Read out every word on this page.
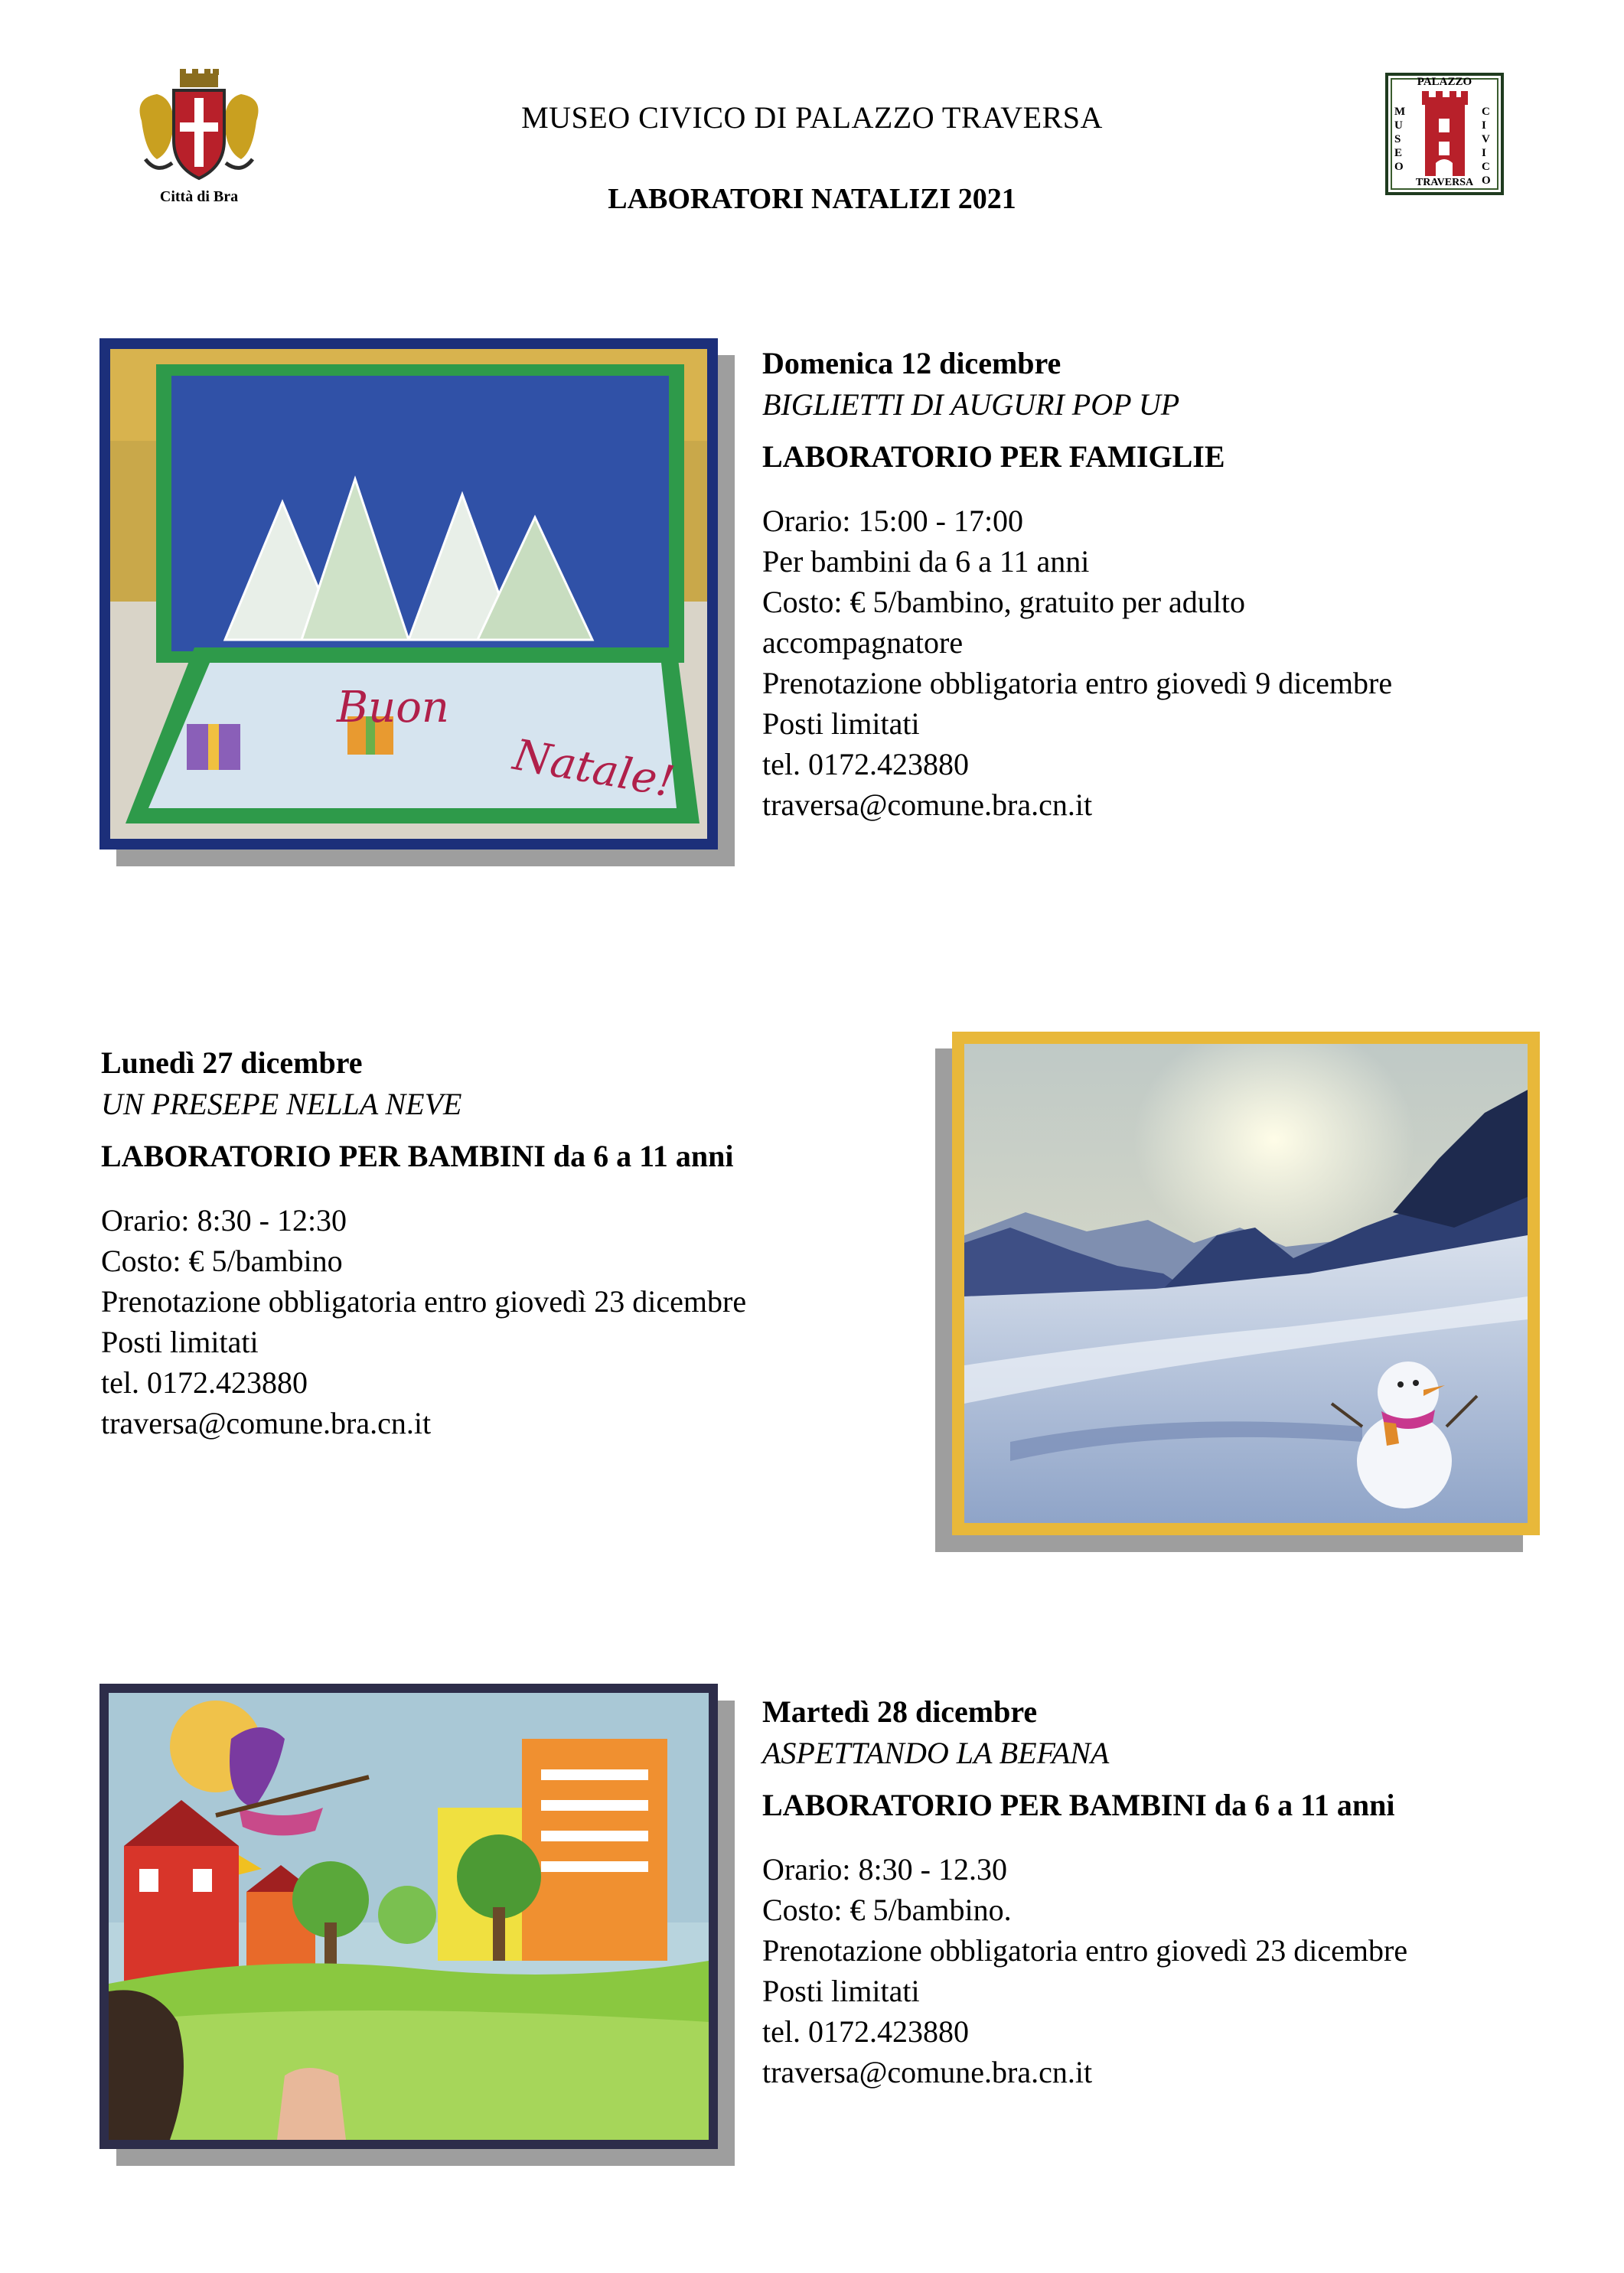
Città di Bra
PALAZZO
MUSEO
CIVICO
TRAVERSA
MUSEO CIVICO DI PALAZZO TRAVERSA
LABORATORI NATALIZI 2021
Buon
Natale!
Domenica 12 dicembre
BIGLIETTI DI AUGURI POP UP
LABORATORIO PER FAMIGLIE
Orario: 15:00 - 17:00
Per bambini da 6 a 11 anni
Costo: € 5/bambino, gratuito per adulto
accompagnatore
Prenotazione obbligatoria entro giovedì 9 dicembre
Posti limitati
tel. 0172.423880
traversa@comune.bra.cn.it
Lunedì 27 dicembre
UN PRESEPE NELLA NEVE
LABORATORIO PER BAMBINI da 6 a 11 anni
Orario: 8:30 - 12:30
Costo: € 5/bambino
Prenotazione obbligatoria entro giovedì 23 dicembre
Posti limitati
tel. 0172.423880
traversa@comune.bra.cn.it
Martedì 28 dicembre
ASPETTANDO LA BEFANA
LABORATORIO PER BAMBINI da 6 a 11 anni
Orario: 8:30 - 12.30
Costo: € 5/bambino.
Prenotazione obbligatoria entro giovedì 23 dicembre
Posti limitati
tel. 0172.423880
traversa@comune.bra.cn.it
